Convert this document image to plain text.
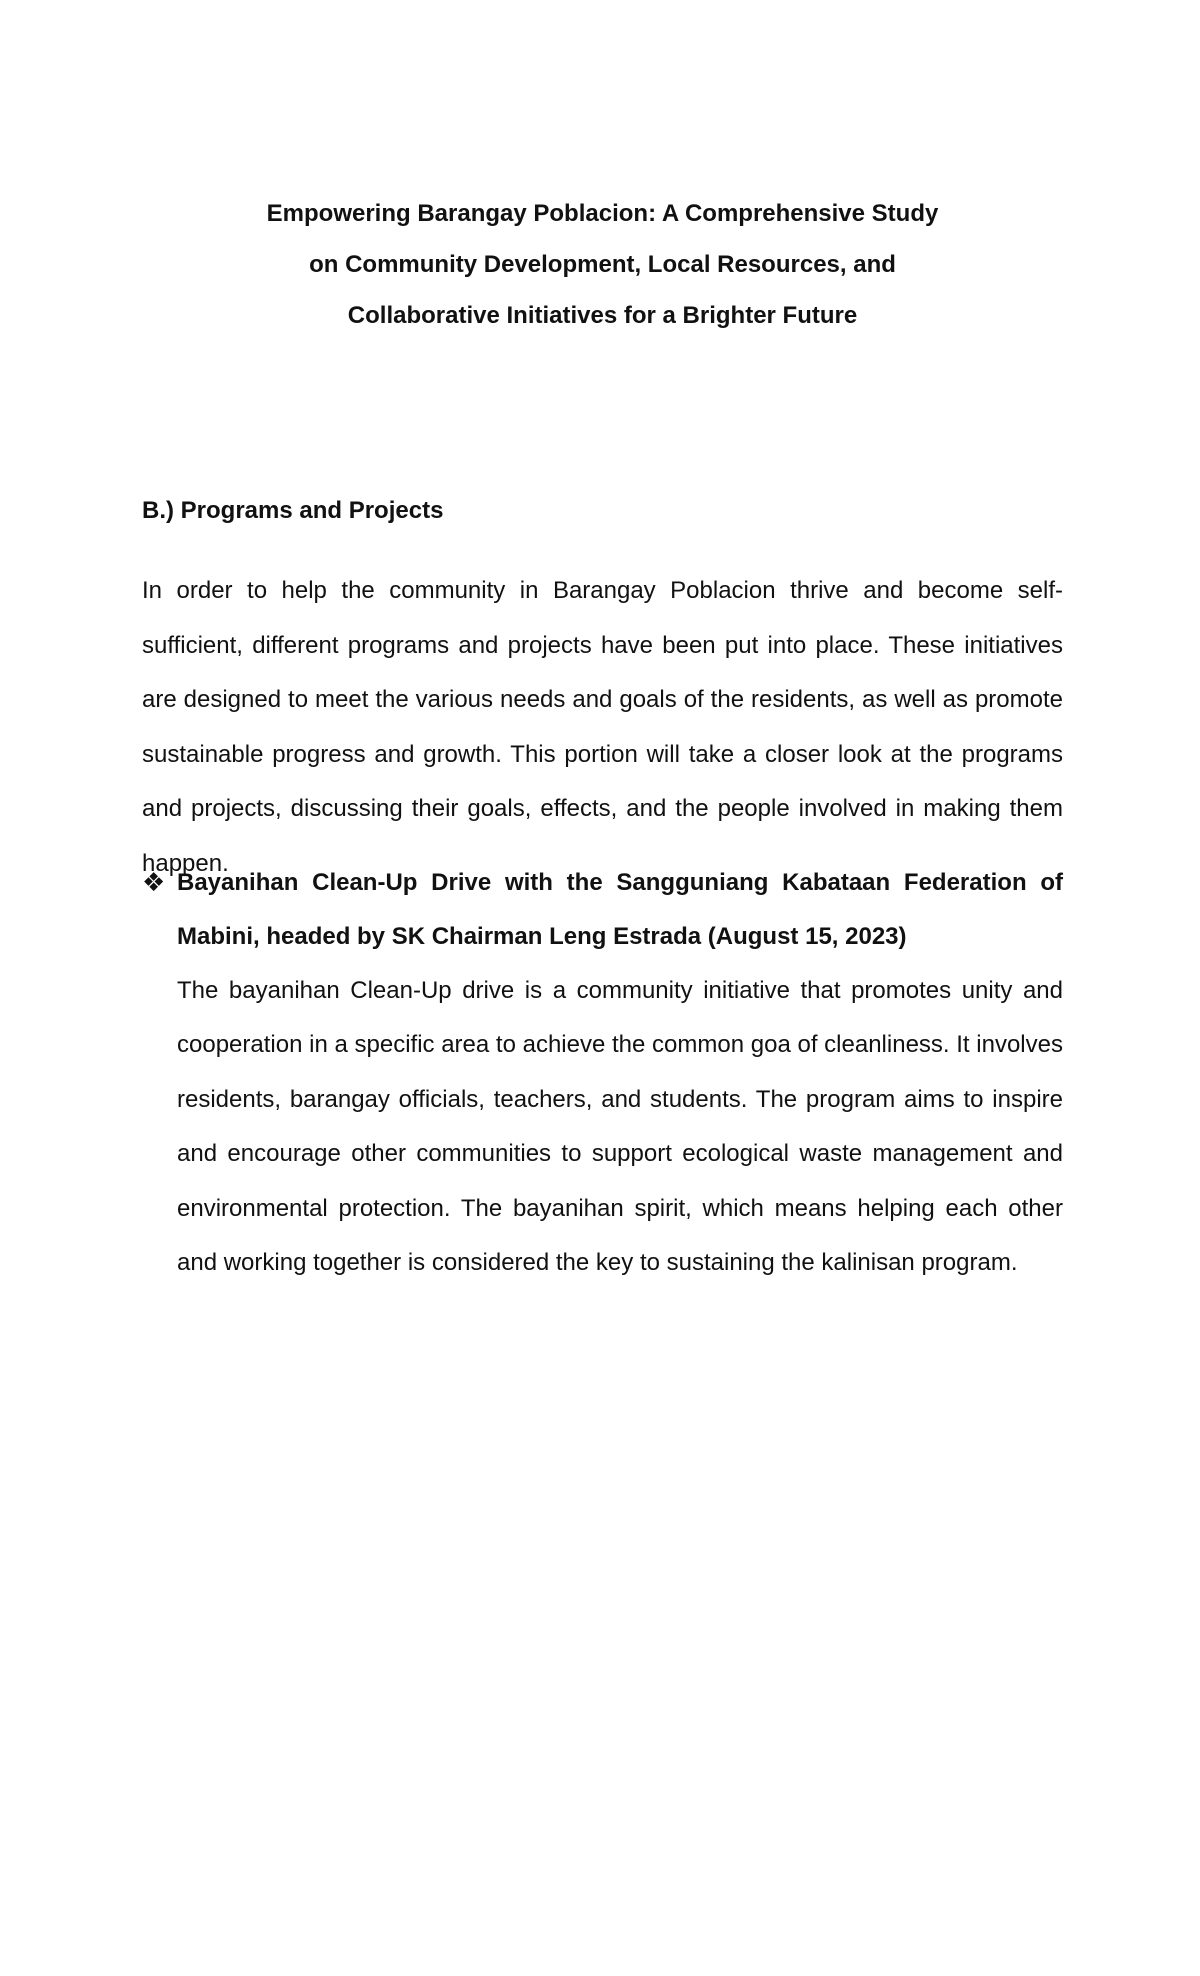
Empowering Barangay Poblacion: A Comprehensive Study
on Community Development, Local Resources, and
Collaborative Initiatives for a Brighter Future
B.) Programs and Projects

In order to help the community in Barangay Poblacion thrive and become self-sufficient, different programs and projects have been put into place. These initiatives are designed to meet the various needs and goals of the residents, as well as promote sustainable progress and growth. This portion will take a closer look at the programs and projects, discussing their goals, effects, and the people involved in making them happen.

❖ Bayanihan Clean-Up Drive with the Sangguniang Kabataan Federation of Mabini, headed by SK Chairman Leng Estrada (August 15, 2023)

The bayanihan Clean-Up drive is a community initiative that promotes unity and cooperation in a specific area to achieve the common goa of cleanliness. It involves residents, barangay officials, teachers, and students. The program aims to inspire and encourage other communities to support ecological waste management and environmental protection. The bayanihan spirit, which means helping each other and working together is considered the key to sustaining the kalinisan program.
